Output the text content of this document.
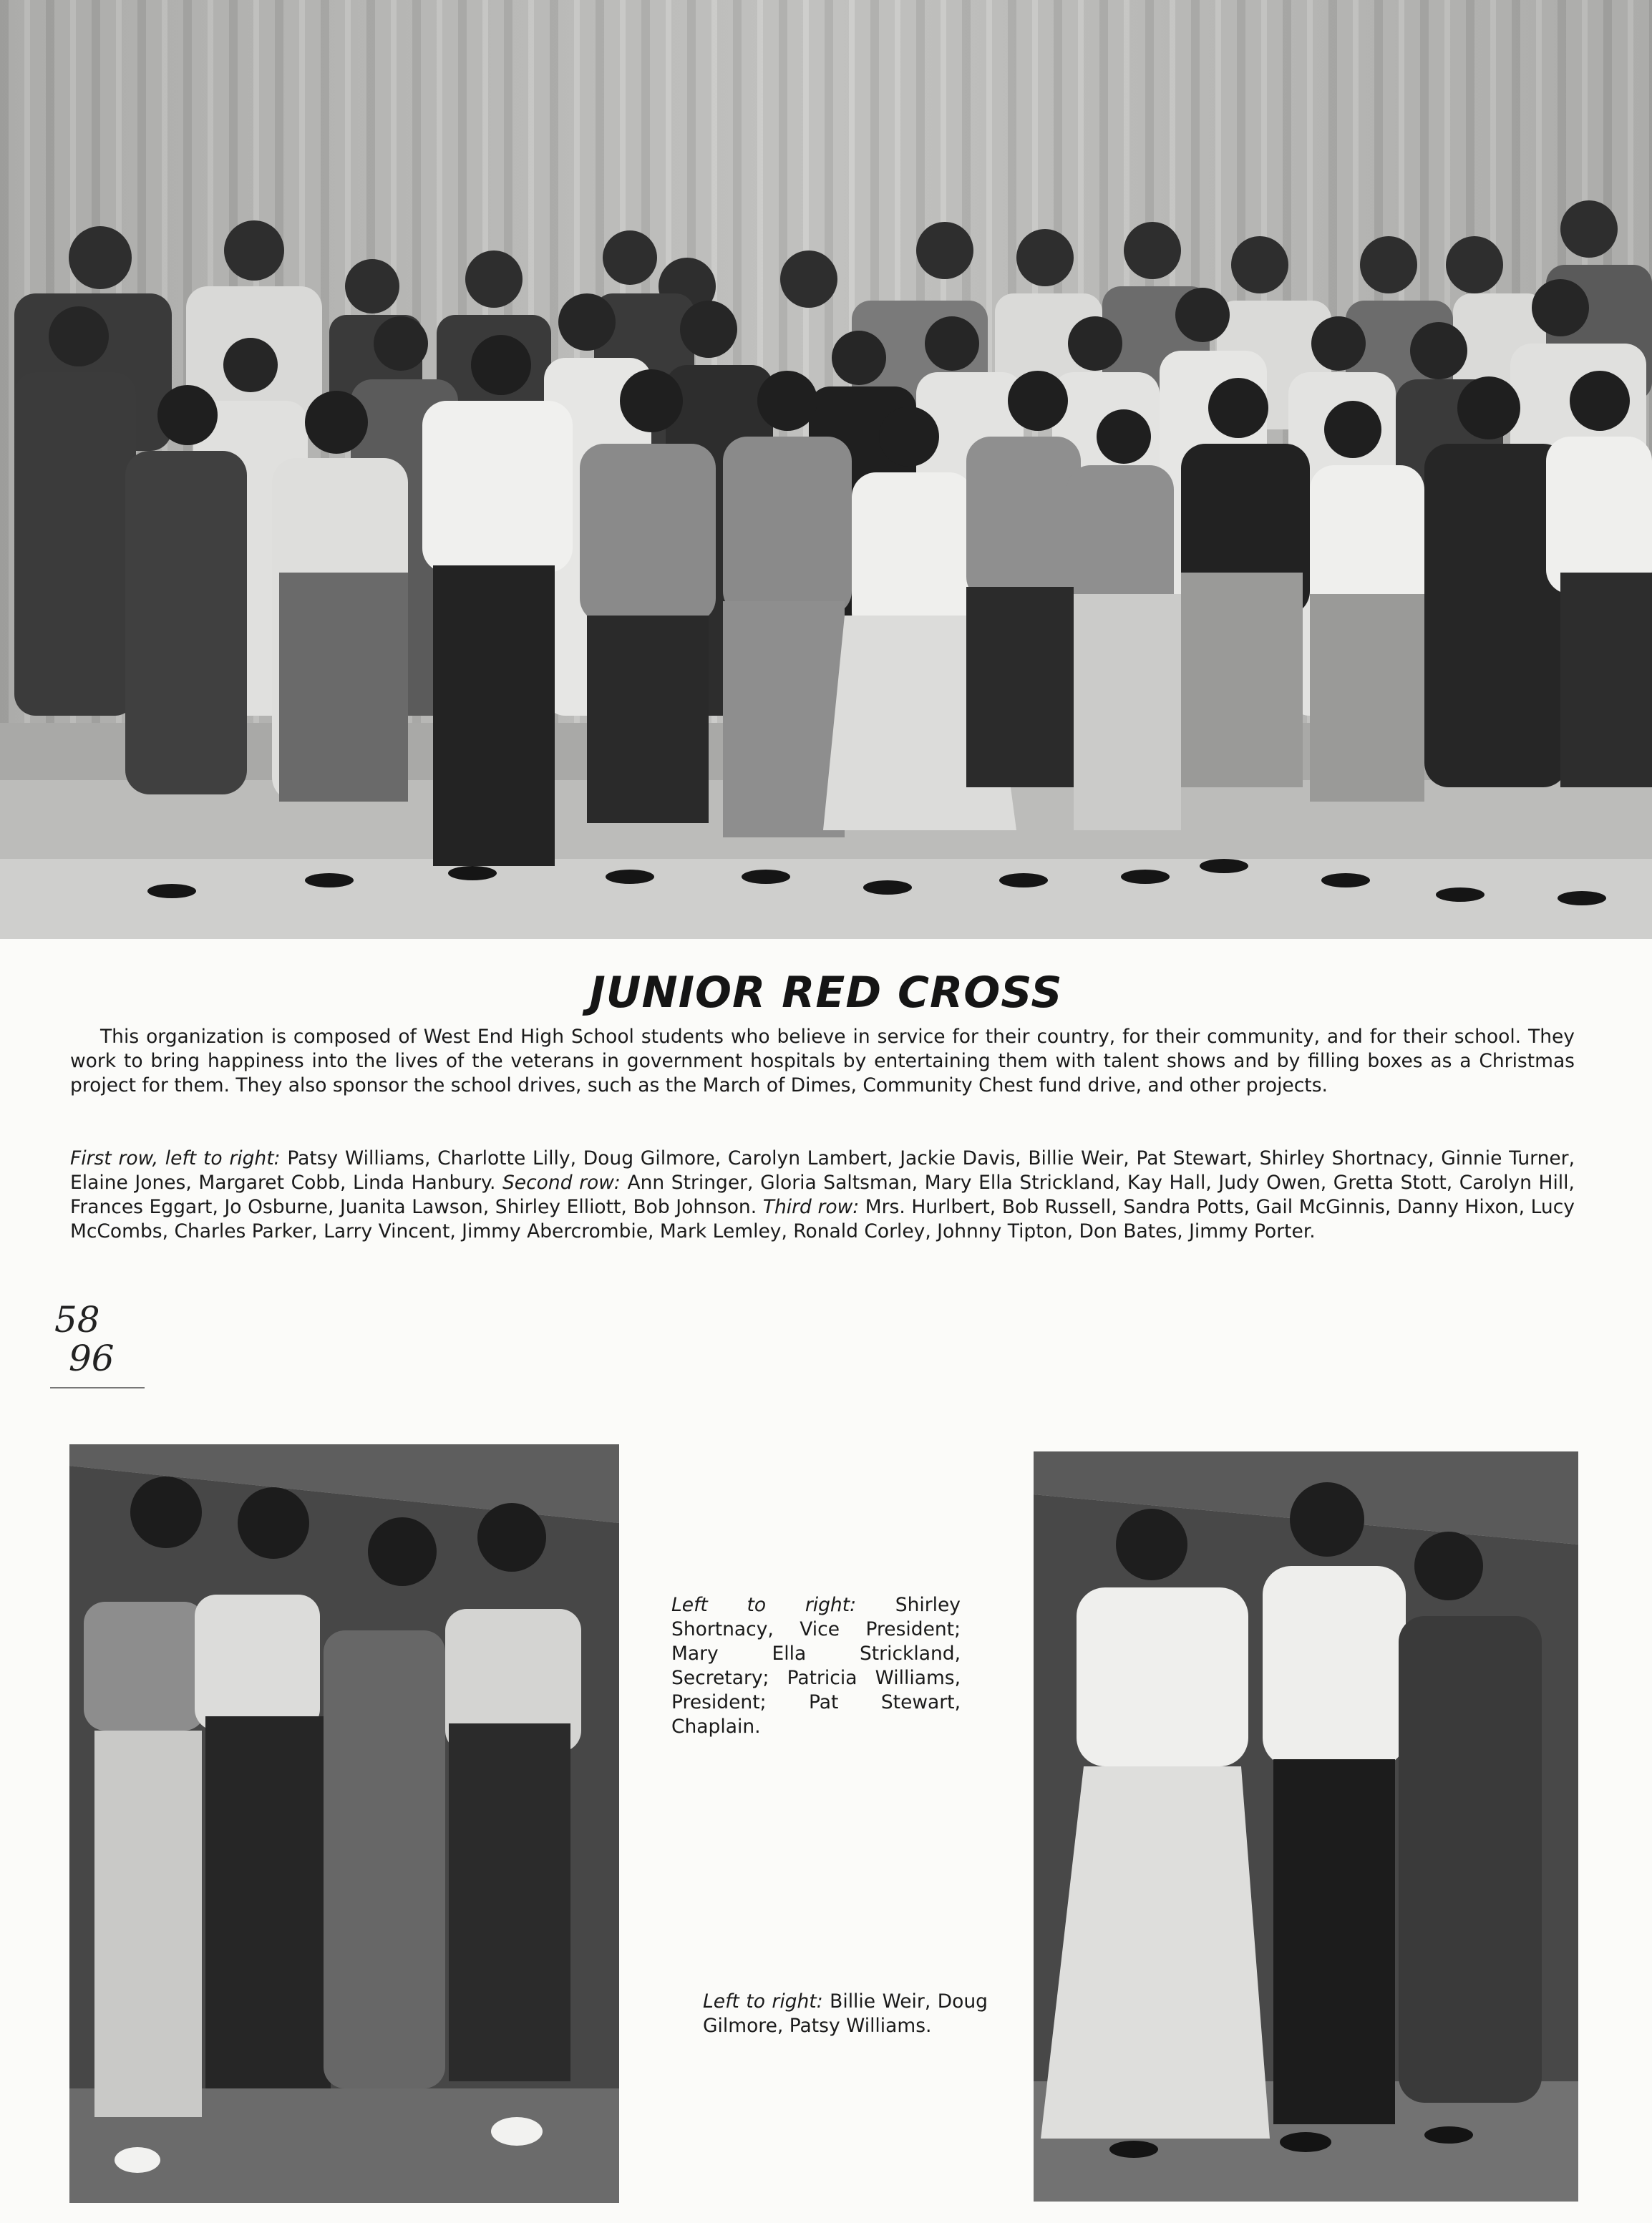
JUNIOR RED CROSS

This organization is composed of West End High School students who believe in service for their country, for their community, and for their school. They work to bring happiness into the lives of the veterans in government hospitals by entertaining them with talent shows and by filling boxes as a Christmas project for them. They also sponsor the school drives, such as the March of Dimes, Community Chest fund drive, and other projects.

First row, left to right: Patsy Williams, Charlotte Lilly, Doug Gilmore, Carolyn Lambert, Jackie Davis, Billie Weir, Pat Stewart, Shirley Shortnacy, Ginnie Turner, Elaine Jones, Margaret Cobb, Linda Hanbury. Second row: Ann Stringer, Gloria Saltsman, Mary Ella Strickland, Kay Hall, Judy Owen, Gretta Stott, Carolyn Hill, Frances Eggart, Jo Osburne, Juanita Lawson, Shirley Elliott, Bob Johnson. Third row: Mrs. Hurlbert, Bob Russell, Sandra Potts, Gail McGinnis, Danny Hixon, Lucy McCombs, Charles Parker, Larry Vincent, Jimmy Abercrombie, Mark Lemley, Ronald Corley, Johnny Tipton, Don Bates, Jimmy Porter.

58
96

Left to right: Shirley Shortnacy, Vice President; Mary Ella Strickland, Secretary; Patricia Williams, President; Pat Stewart, Chaplain.

Left to right: Billie Weir, Doug Gilmore, Patsy Williams.
